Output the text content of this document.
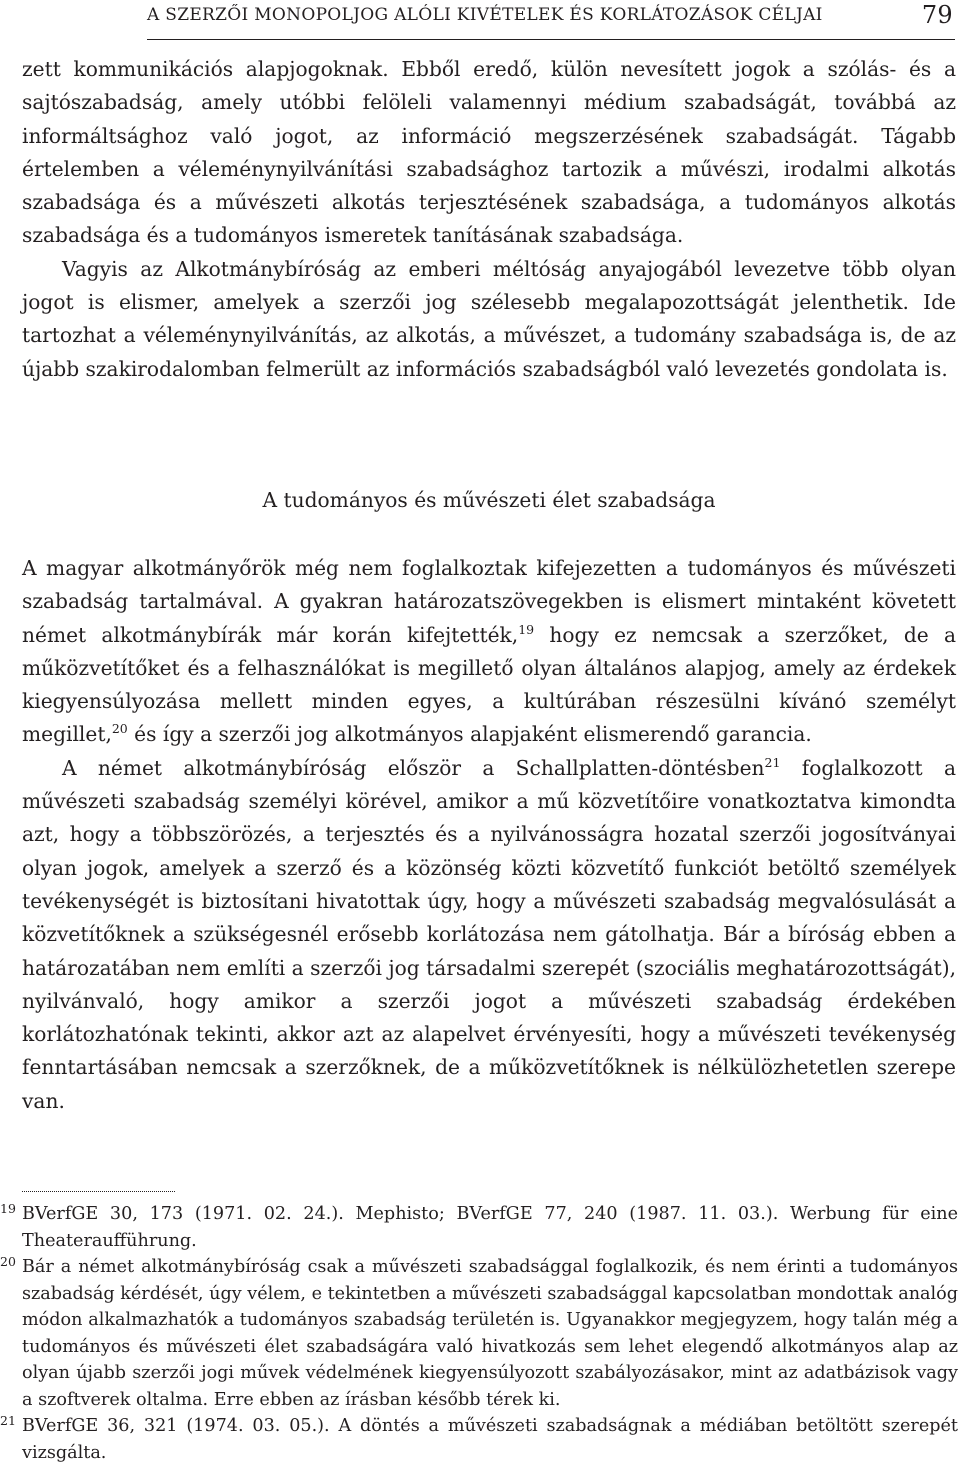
A SZERZŐI MONOPOLJOG ALÓLI KIVÉTELEK ÉS KORLÁTOZÁSOK CÉLJAI	79

zett kommunikációs alapjogoknak. Ebből eredő, külön nevesített jogok a szólás- és a sajtószabadság, amely utóbbi felöleli valamennyi médium szabadságát, továbbá az informáltsághoz való jogot, az információ megszerzésének szabadságát. Tágabb értelemben a véleménynyilvánítási szabadsághoz tartozik a művészi, irodalmi alkotás szabadsága és a művészeti alkotás terjesztésének szabadsága, a tudományos alkotás szabadsága és a tudományos ismeretek tanításának szabadsága.

Vagyis az Alkotmánybíróság az emberi méltóság anyajogából levezetve több olyan jogot is elismer, amelyek a szerzői jog szélesebb megalapozottságát jelenthetik. Ide tartozhat a véleménynyilvánítás, az alkotás, a művészet, a tudomány szabadsága is, de az újabb szakirodalomban felmerült az információs szabadságból való levezetés gondolata is.

A tudományos és művészeti élet szabadsága

A magyar alkotmányőrök még nem foglalkoztak kifejezetten a tudományos és művészeti szabadság tartalmával. A gyakran határozatszövegekben is elismert mintaként követett német alkotmánybírák már korán kifejtették,$^{19}$ hogy ez nemcsak a szerzőket, de a műközvetítőket és a felhasználókat is megillető olyan általános alapjog, amely az érdekek kiegyensúlyozása mellett minden egyes, a kultúrában részesülni kívánó személyt megillet,$^{20}$ és így a szerzői jog alkotmányos alapjaként elismerendő garancia.

A német alkotmánybíróság először a Schallplatten-döntésben$^{21}$ foglalkozott a művészeti szabadság személyi körével, amikor a mű közvetítőire vonatkoztatva kimondta azt, hogy a többszörözés, a terjesztés és a nyilvánosságra hozatal szerzői jogosítványai olyan jogok, amelyek a szerző és a közönség közti közvetítő funkciót betöltő személyek tevékenységét is biztosítani hivatottak úgy, hogy a művészeti szabadság megvalósulását a közvetítőknek a szükségesnél erősebb korlátozása nem gátolhatja. Bár a bíróság ebben a határozatában nem említi a szerzői jog társadalmi szerepét (szociális meghatározottságát), nyilvánvaló, hogy amikor a szerzői jogot a művészeti szabadság érdekében korlátozhatónak tekinti, akkor azt az alapelvet érvényesíti, hogy a művészeti tevékenység fenntartásában nemcsak a szerzőknek, de a műközvetítőknek is nélkülözhetetlen szerepe van.

19 BVerfGE 30, 173 (1971. 02. 24.). Mephisto; BVerfGE 77, 240 (1987. 11. 03.). Werbung für eine Theateraufführung.
20 Bár a német alkotmánybíróság csak a művészeti szabadsággal foglalkozik, és nem érinti a tudományos szabadság kérdését, úgy vélem, e tekintetben a művészeti szabadsággal kapcsolatban mondottak analóg módon alkalmazhatók a tudományos szabadság területén is. Ugyanakkor megjegyzem, hogy talán még a tudományos és művészeti élet szabadságára való hivatkozás sem lehet elegendő alkotmányos alap az olyan újabb szerzői jogi művek védelmének kiegyensúlyozott szabályozásakor, mint az adatbázisok vagy a szoftverek oltalma. Erre ebben az írásban később térek ki.
21 BVerfGE 36, 321 (1974. 03. 05.). A döntés a művészeti szabadságnak a médiában betöltött szerepét vizsgálta.
